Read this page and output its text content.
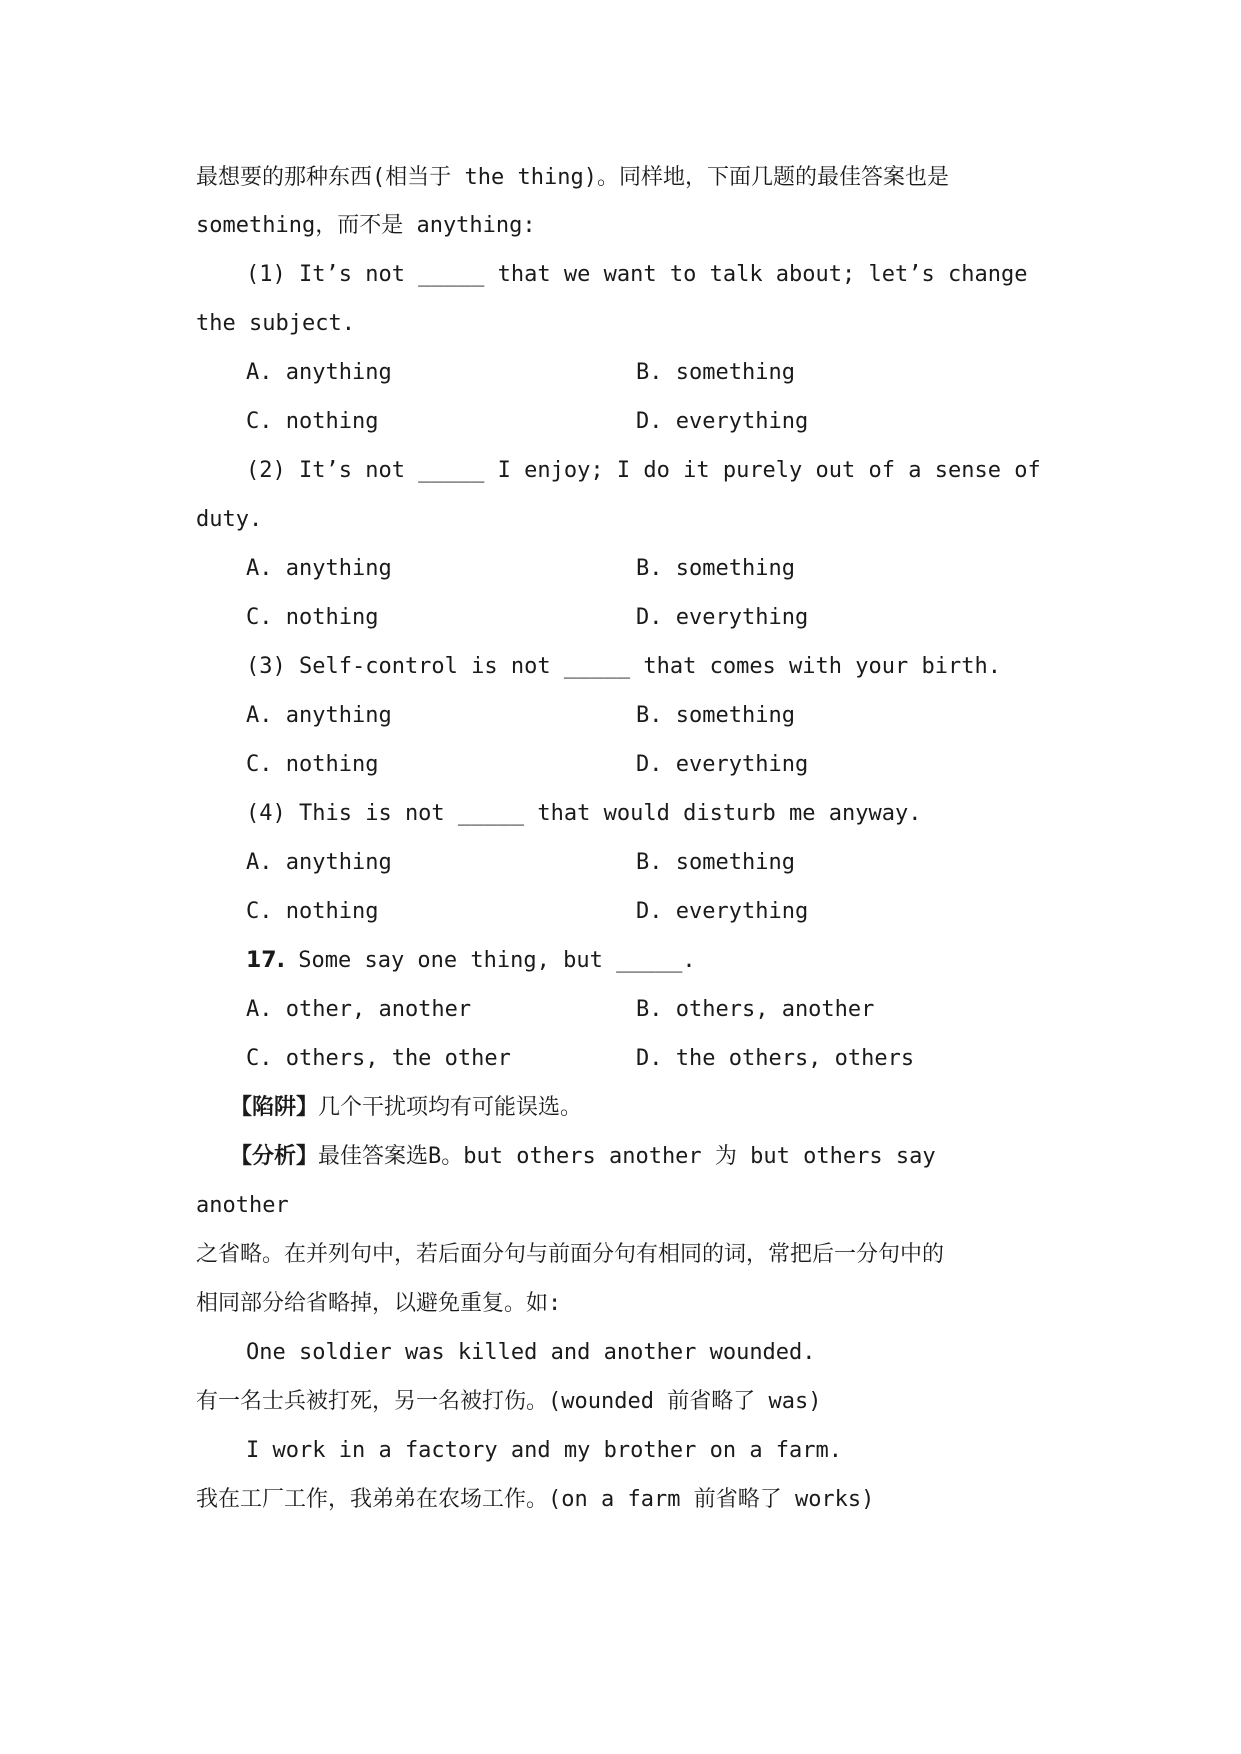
最想要的那种东西(相当于 the thing)。同样地，下面几题的最佳答案也是
something，而不是 anything:
(1) It’s not _____ that we want to talk about; let’s change
the subject.
A. anything	B. something
C. nothing	D. everything
(2) It’s not _____ I enjoy; I do it purely out of a sense of
duty.
A. anything	B. something
C. nothing	D. everything
(3) Self-control is not _____ that comes with your birth.
A. anything	B. something
C. nothing	D. everything
(4) This is not _____ that would disturb me anyway.
A. anything	B. something
C. nothing	D. everything
17. Some say one thing, but _____.
A. other, another	B. others, another
C. others, the other	D. the others, others
【陷阱】几个干扰项均有可能误选。
【分析】最佳答案选B。but others another 为 but others say
another
之省略。在并列句中，若后面分句与前面分句有相同的词，常把后一分句中的
相同部分给省略掉，以避免重复。如:
One soldier was killed and another wounded.
有一名士兵被打死，另一名被打伤。(wounded 前省略了 was)
I work in a factory and my brother on a farm.
我在工厂工作，我弟弟在农场工作。(on a farm 前省略了 works)
